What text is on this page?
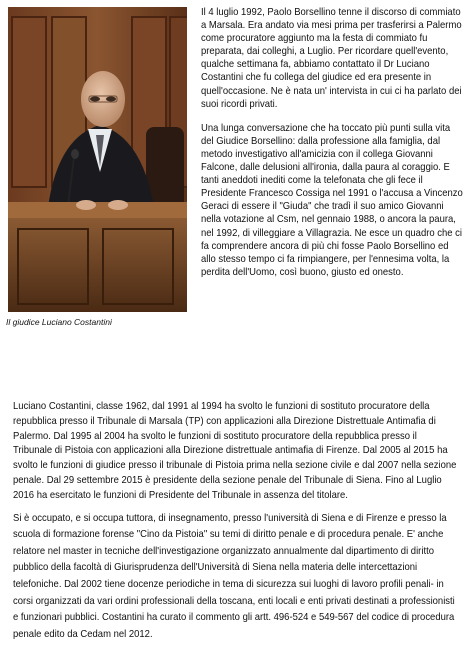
Il giudice Luciano Costantini

Il 4 luglio 1992, Paolo Borsellino tenne il discorso di commiato a Marsala. Era andato via mesi prima per trasferirsi a Palermo come procuratore aggiunto ma la festa di commiato fu preparata, dai colleghi, a Luglio. Per ricordare quell'evento, qualche settimana fa, abbiamo contattato il Dr Luciano Costantini che fu collega del giudice ed era presente in quell'occasione. Ne è nata un' intervista in cui ci ha parlato dei suoi ricordi privati.

Una lunga conversazione che ha toccato più punti sulla vita del Giudice Borsellino: dalla professione alla famiglia, dal metodo investigativo all'amicizia con il collega Giovanni Falcone, dalle delusioni all'ironia, dalla paura al coraggio. E tanti aneddoti inediti come la telefonata che gli fece il Presidente Francesco Cossiga nel 1991 o l'accusa a Vincenzo Geraci di essere il "Giuda" che tradì il suo amico Giovanni nella votazione al Csm, nel gennaio 1988, o ancora la paura, nel 1992, di villeggiare a Villagrazia. Ne esce un quadro che ci fa comprendere ancora di più chi fosse Paolo Borsellino ed allo stesso tempo ci fa rimpiangere, per l'ennesima volta, la perdita dell'Uomo, così buono, giusto ed onesto.

Luciano Costantini, classe 1962, dal 1991 al 1994 ha svolto le funzioni di sostituto procuratore della repubblica presso il Tribunale di Marsala (TP) con applicazioni alla Direzione Distrettuale Antimafia di Palermo. Dal 1995 al 2004 ha svolto le funzioni di sostituto procuratore della repubblica presso il Tribunale di Pistoia con applicazioni alla Direzione distrettuale antimafia di Firenze. Dal 2005 al 2015 ha svolto le funzioni di giudice presso il tribunale di Pistoia prima nella sezione civile e dal 2007 nella sezione penale. Dal 29 settembre 2015 è presidente della sezione penale del Tribunale di Siena. Fino al Luglio 2016 ha esercitato le funzioni di Presidente del Tribunale in assenza del titolare.

Si è occupato, e si occupa tuttora, di insegnamento, presso l'università di Siena e di Firenze e presso la scuola di formazione forense "Cino da Pistoia" su temi di diritto penale e di procedura penale. E' anche relatore nel master in tecniche dell'investigazione organizzato annualmente dal dipartimento di diritto pubblico della facoltà di Giurisprudenza dell'Università di Siena nella materia delle intercettazioni telefoniche. Dal 2002 tiene docenze periodiche in tema di sicurezza sui luoghi di lavoro profili penali- in corsi organizzati da vari ordini professionali della toscana, enti locali e enti privati destinati a professionisti e funzionari pubblici. Costantini ha curato il commento gli artt. 496-524 e 549-567 del codice di procedura penale edito da Cedam nel 2012.
